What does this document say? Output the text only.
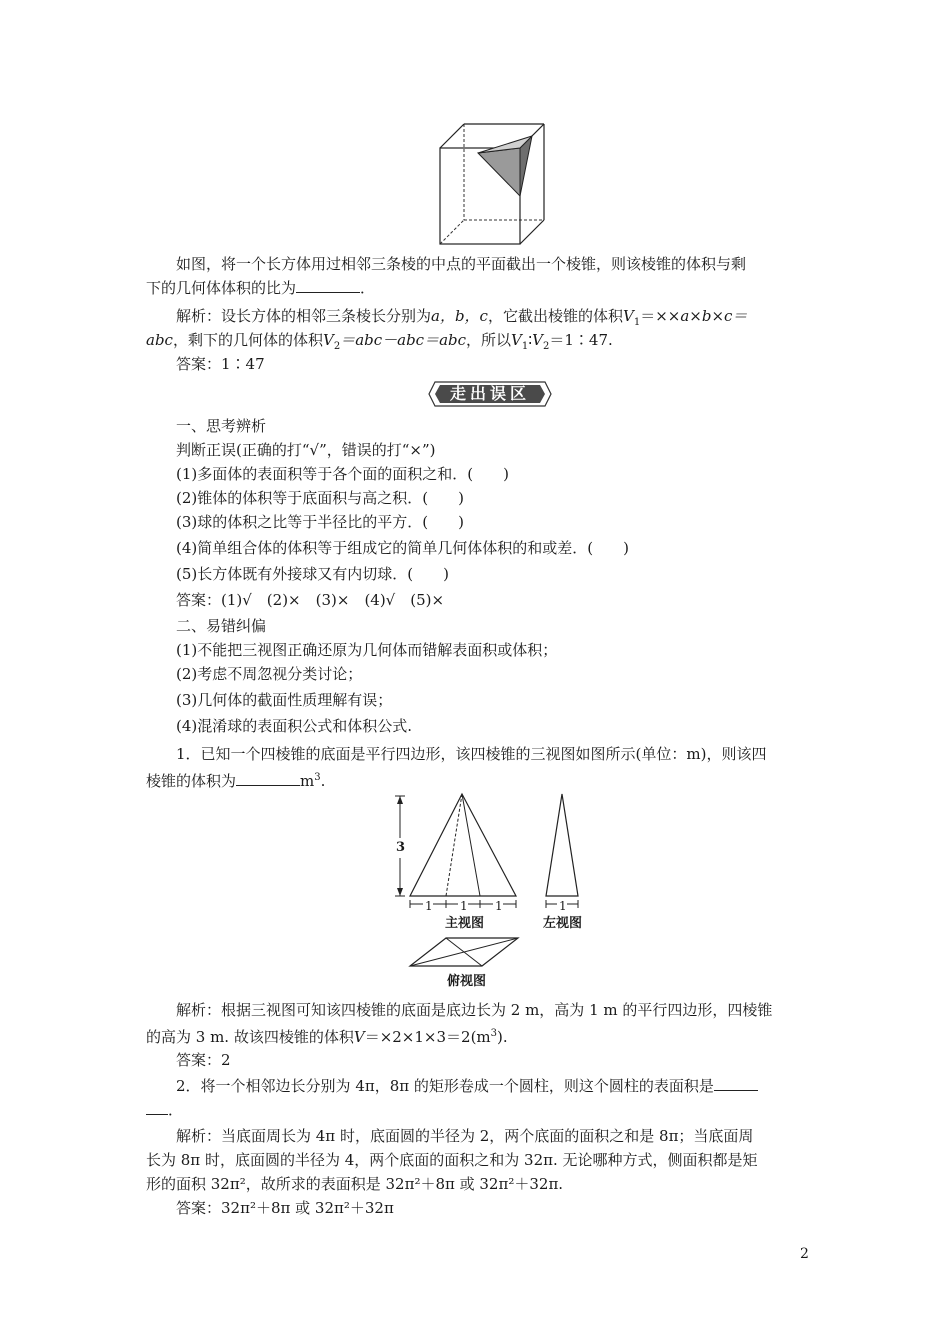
如图，将一个长方体用过相邻三条棱的中点的平面截出一个棱锥，则该棱锥的体积与剩
下的几何体体积的比为	．
解析：设长方体的相邻三条棱长分别为a，b，c，它截出棱锥的体积$V_1=\times\times a\times b\times c=$
abc，剩下的几何体的体积$V_2=abc-abc=abc$，所以$V_1∶V_2=1∶47$.
答案：1∶47
走出误区
一、思考辨析
判断正误(正确的打“√”，错误的打“×”)
(1)多面体的表面积等于各个面的面积之和．(　　)
(2)锥体的体积等于底面积与高之积．(　　)
(3)球的体积之比等于半径比的平方．(　　)
(4)简单组合体的体积等于组成它的简单几何体体积的和或差．(　　)
(5)长方体既有外接球又有内切球．(　　)
答案：(1)√　(2)×　(3)×　(4)√　(5)×
二、易错纠偏
(1)不能把三视图正确还原为几何体而错解表面积或体积；
(2)考虑不周忽视分类讨论；
(3)几何体的截面性质理解有误；
(4)混淆球的表面积公式和体积公式.
1．已知一个四棱锥的底面是平行四边形，该四棱锥的三视图如图所示(单位：m)，则该四
棱锥的体积为	$m^3$.
3
1 1 1	1
主视图	左视图
俯视图
解析：根据三视图可知该四棱锥的底面是底边长为 2 m，高为 1 m 的平行四边形，四棱锥
的高为 3 m. 故该四棱锥的体积$V=\times 2\times 1\times 3=2(m^3)$.
答案：2
2．将一个相邻边长分别为 4π，8π 的矩形卷成一个圆柱，则这个圆柱的表面积是
．
解析：当底面周长为 4π 时，底面圆的半径为 2，两个底面的面积之和是 8π；当底面周
长为 8π 时，底面圆的半径为 4，两个底面的面积之和为 32π. 无论哪种方式，侧面积都是矩
形的面积 32π²，故所求的表面积是 32π²＋8π 或 32π²＋32π.
答案：32π²＋8π 或 32π²＋32π
2
